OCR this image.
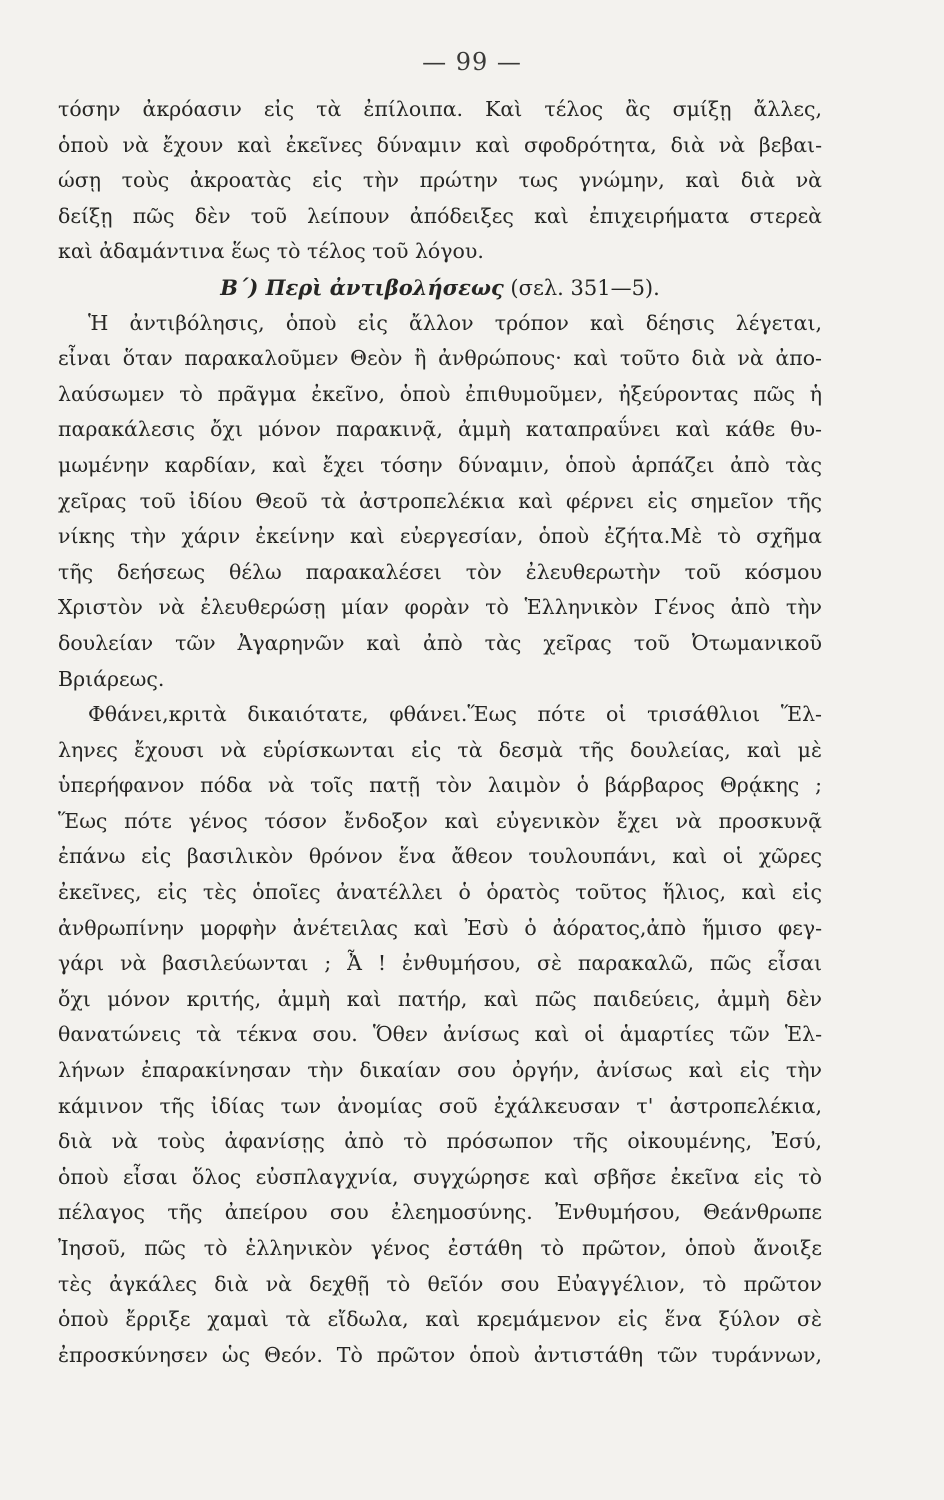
— 99 —
τόσην ἀκρόασιν εἰς τὰ ἐπίλοιπα. Καὶ τέλος ἂς σμίξῃ ἄλλες,
ὁποὺ νὰ ἔχουν καὶ ἐκεῖνες δύναμιν καὶ σφοδρότητα, διὰ νὰ βεβαι-
ώσῃ τοὺς ἀκροατὰς εἰς τὴν πρώτην τως γνώμην, καὶ διὰ νὰ
δείξῃ πῶς δὲν τοῦ λείπουν ἀπόδειξες καὶ ἐπιχειρήματα στερεὰ
καὶ ἀδαμάντινα ἕως τὸ τέλος τοῦ λόγου.
Β΄) Περὶ ἀντιβολήσεως (σελ. 351—5).
Ἡ ἀντιβόλησις, ὁποὺ εἰς ἄλλον τρόπον καὶ δέησις λέγεται,
εἶναι ὅταν παρακαλοῦμεν Θεὸν ἢ ἀνθρώπους· καὶ τοῦτο διὰ νὰ ἀπο-
λαύσωμεν τὸ πρᾶγμα ἐκεῖνο, ὁποὺ ἐπιθυμοῦμεν, ἠξεύροντας πῶς ἡ
παρακάλεσις ὄχι μόνον παρακινᾷ, ἀμμὴ καταπραΰνει καὶ κάθε θυ-
μωμένην καρδίαν, καὶ ἔχει τόσην δύναμιν, ὁποὺ ἁρπάζει ἀπὸ τὰς
χεῖρας τοῦ ἰδίου Θεοῦ τὰ ἀστροπελέκια καὶ φέρνει εἰς σημεῖον τῆς
νίκης τὴν χάριν ἐκείνην καὶ εὐεργεσίαν, ὁποὺ ἐζήτα.Μὲ τὸ σχῆμα
τῆς δεήσεως θέλω παρακαλέσει τὸν ἐλευθερωτὴν τοῦ κόσμου
Χριστὸν νὰ ἐλευθερώσῃ μίαν φορὰν τὸ Ἑλληνικὸν Γένος ἀπὸ τὴν
δουλείαν τῶν Ἀγαρηνῶν καὶ ἀπὸ τὰς χεῖρας τοῦ Ὀτωμανικοῦ
Βριάρεως.
Φθάνει,κριτὰ δικαιότατε, φθάνει.Ἕως πότε οἱ τρισάθλιοι Ἕλ-
ληνες ἔχουσι νὰ εὑρίσκωνται εἰς τὰ δεσμὰ τῆς δουλείας, καὶ μὲ
ὑπερήφανον πόδα νὰ τοῖς πατῇ τὸν λαιμὸν ὁ βάρβαρος Θρᾴκης ;
Ἕως πότε γένος τόσον ἔνδοξον καὶ εὐγενικὸν ἔχει νὰ προσκυνᾷ
ἐπάνω εἰς βασιλικὸν θρόνον ἕνα ἄθεον τουλουπάνι, καὶ οἱ χῶρες
ἐκεῖνες, εἰς τὲς ὁποῖες ἀνατέλλει ὁ ὁρατὸς τοῦτος ἥλιος, καὶ εἰς
ἀνθρωπίνην μορφὴν ἀνέτειλας καὶ Ἐσὺ ὁ ἀόρατος,ἀπὸ ἥμισο φεγ-
γάρι νὰ βασιλεύωνται ; Ἆ ! ἐνθυμήσου, σὲ παρακαλῶ, πῶς εἶσαι
ὄχι μόνον κριτής, ἀμμὴ καὶ πατήρ, καὶ πῶς παιδεύεις, ἀμμὴ δὲν
θανατώνεις τὰ τέκνα σου. Ὅθεν ἀνίσως καὶ οἱ ἁμαρτίες τῶν Ἑλ-
λήνων ἐπαρακίνησαν τὴν δικαίαν σου ὀργήν, ἀνίσως καὶ εἰς τὴν
κάμινον τῆς ἰδίας των ἀνομίας σοῦ ἐχάλκευσαν τ' ἀστροπελέκια,
διὰ νὰ τοὺς ἀφανίσῃς ἀπὸ τὸ πρόσωπον τῆς οἰκουμένης, Ἐσύ,
ὁποὺ εἶσαι ὅλος εὐσπλαγχνία, συγχώρησε καὶ σβῆσε ἐκεῖνα εἰς τὸ
πέλαγος τῆς ἀπείρου σου ἐλεημοσύνης. Ἐνθυμήσου, Θεάνθρωπε
Ἰησοῦ, πῶς τὸ ἑλληνικὸν γένος ἐστάθη τὸ πρῶτον, ὁποὺ ἄνοιξε
τὲς ἀγκάλες διὰ νὰ δεχθῇ τὸ θεῖόν σου Εὐαγγέλιον, τὸ πρῶτον
ὁποὺ ἔρριξε χαμαὶ τὰ εἴδωλα, καὶ κρεμάμενον εἰς ἕνα ξύλον σὲ
ἐπροσκύνησεν ὡς Θεόν. Τὸ πρῶτον ὁποὺ ἀντιστάθη τῶν τυράννων,
